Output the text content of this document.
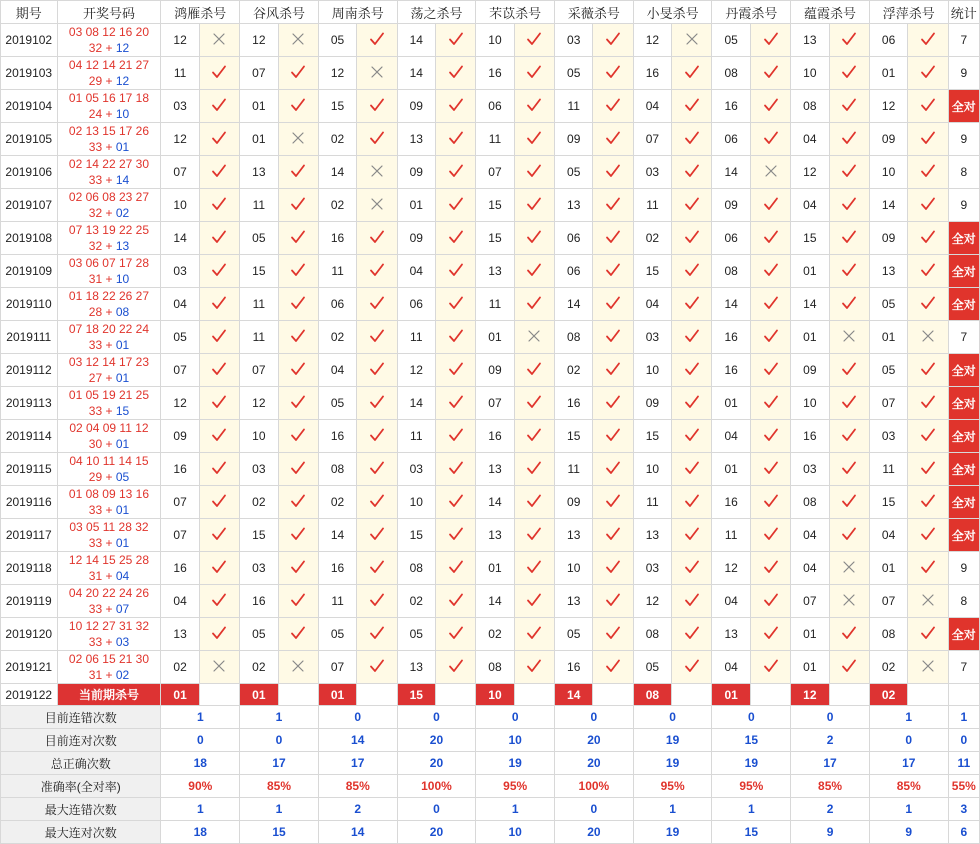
期号	开奖号码	鸿雁杀号		谷风杀号		周南杀号		荡之杀号		芣苡杀号		采薇杀号		小旻杀号		丹霞杀号		蕴霞杀号		浮萍杀号		统计
2019102	03 08 12 16 20
32 + 12	12		12		05		14		10		03		12		05		13		06		7
2019103	04 12 14 21 27
29 + 12	11		07		12		14		16		05		16		08		10		01		9
2019104	01 05 16 17 18
24 + 10	03		01		15		09		06		11		04		16		08		12		全对
2019105	02 13 15 17 26
33 + 01	12		01		02		13		11		09		07		06		04		09		9
2019106	02 14 22 27 30
33 + 14	07		13		14		09		07		05		03		14		12		10		8
2019107	02 06 08 23 27
32 + 02	10		11		02		01		15		13		11		09		04		14		9
2019108	07 13 19 22 25
32 + 13	14		05		16		09		15		06		02		06		15		09		全对
2019109	03 06 07 17 28
31 + 10	03		15		11		04		13		06		15		08		01		13		全对
2019110	01 18 22 26 27
28 + 08	04		11		06		06		11		14		04		14		14		05		全对
2019111	07 18 20 22 24
33 + 01	05		11		02		11		01		08		03		16		01		01		7
2019112	03 12 14 17 23
27 + 01	07		07		04		12		09		02		10		16		09		05		全对
2019113	01 05 19 21 25
33 + 15	12		12		05		14		07		16		09		01		10		07		全对
2019114	02 04 09 11 12
30 + 01	09		10		16		11		16		15		15		04		16		03		全对
2019115	04 10 11 14 15
29 + 05	16		03		08		03		13		11		10		01		03		11		全对
2019116	01 08 09 13 16
33 + 01	07		02		02		10		14		09		11		16		08		15		全对
2019117	03 05 11 28 32
33 + 01	07		15		14		15		13		13		13		11		04		04		全对
2019118	12 14 15 25 28
31 + 04	16		03		16		08		01		10		03		12		04		01		9
2019119	04 20 22 24 26
33 + 07	04		16		11		02		14		13		12		04		07		07		8
2019120	10 12 27 31 32
33 + 03	13		05		05		05		02		05		08		13		01		08		全对
2019121	02 06 15 21 30
31 + 02	02		02		07		13		08		16		05		04		01		02		7
2019122	当前期杀号	01		01		01		15		10		14		08		01		12		02		
目前连错次数		1		1		0		0		0		0		0		0		0		1		1
目前连对次数		0		0		14		20		10		20		19		15		2		0		0
总正确次数		18		17		17		20		19		20		19		19		17		17		11
准确率(全对率)		90%		85%		85%		100%		95%		100%		95%		95%		85%		85%		55%
最大连错次数		1		1		2		0		1		0		1		1		2		1		3
最大连对次数		18		15		14		20		10		20		19		15		9		9		6
